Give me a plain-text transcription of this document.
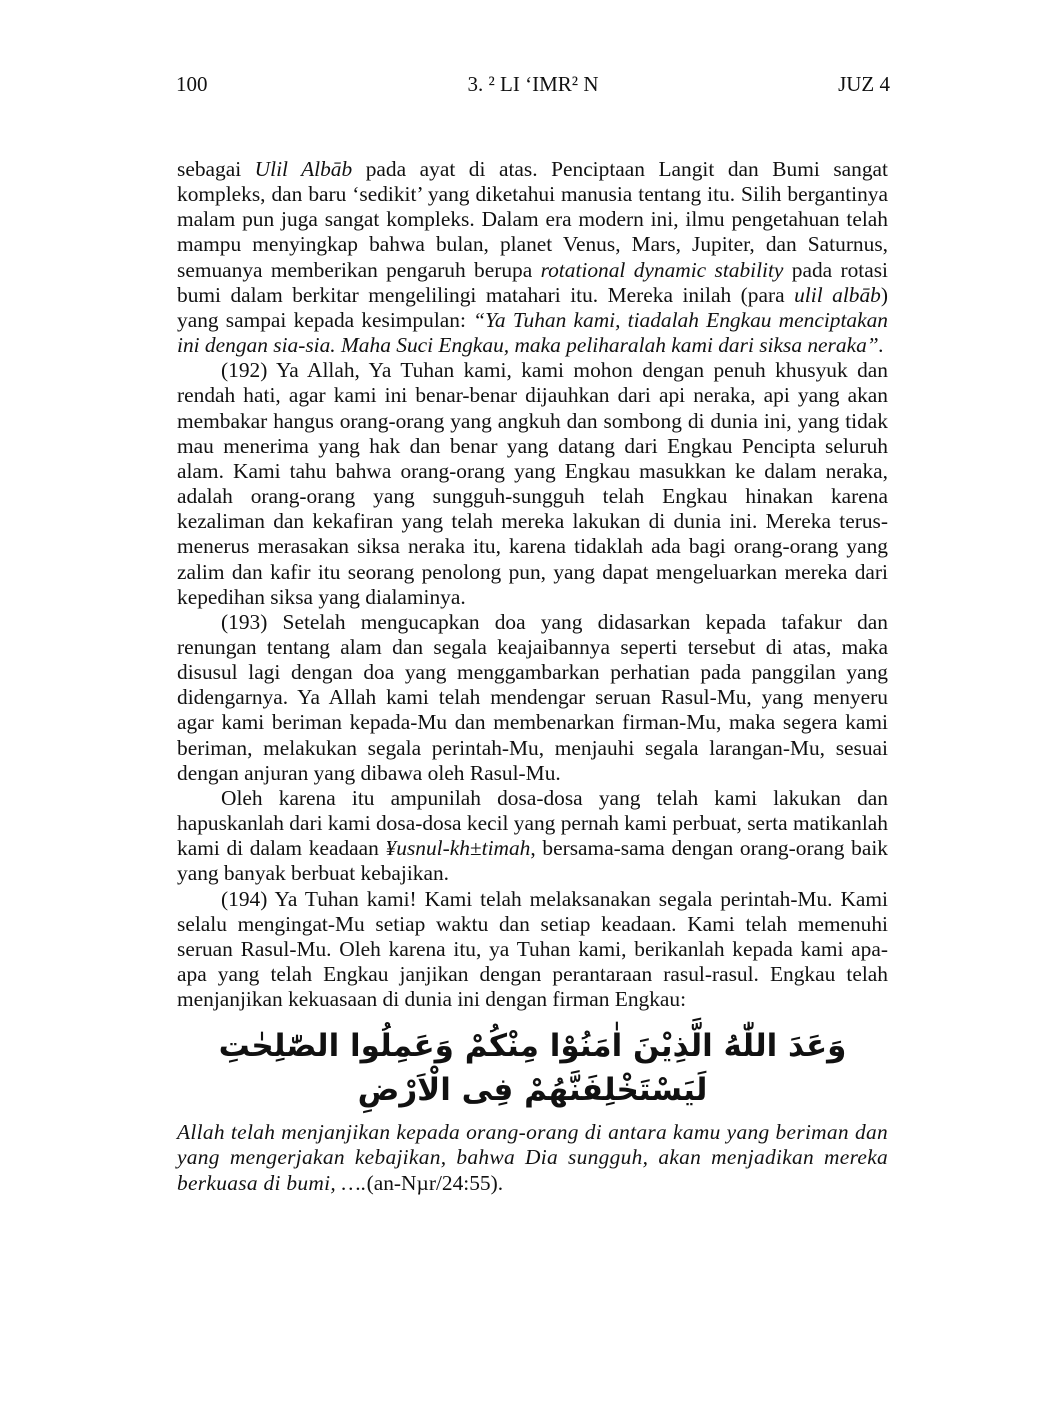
100	3. ² LI ‘IMR² N	JUZ 4

sebagai Ulil Albāb pada ayat di atas. Penciptaan Langit dan Bumi sangat kompleks, dan baru ‘sedikit’ yang diketahui manusia tentang itu. Silih bergantinya malam pun juga sangat kompleks. Dalam era modern ini, ilmu pengetahuan telah mampu menyingkap bahwa bulan, planet Venus, Mars, Jupiter, dan Saturnus, semuanya memberikan pengaruh berupa rotational dynamic stability pada rotasi bumi dalam berkitar mengelilingi matahari itu. Mereka inilah (para ulil albāb) yang sampai kepada kesimpulan: “Ya Tuhan kami, tiadalah Engkau menciptakan ini dengan sia-sia. Maha Suci Engkau, maka peliharalah kami dari siksa neraka”.

(192) Ya Allah, Ya Tuhan kami, kami mohon dengan penuh khusyuk dan rendah hati, agar kami ini benar-benar dijauhkan dari api neraka, api yang akan membakar hangus orang-orang yang angkuh dan sombong di dunia ini, yang tidak mau menerima yang hak dan benar yang datang dari Engkau Pencipta seluruh alam. Kami tahu bahwa orang-orang yang Engkau masukkan ke dalam neraka, adalah orang-orang yang sungguh-sungguh telah Engkau hinakan karena kezaliman dan kekafiran yang telah mereka lakukan di dunia ini. Mereka terus-menerus merasakan siksa neraka itu, karena tidaklah ada bagi orang-orang yang zalim dan kafir itu seorang penolong pun, yang dapat mengeluarkan mereka dari kepedihan siksa yang dialaminya.

(193) Setelah mengucapkan doa yang didasarkan kepada tafakur dan renungan tentang alam dan segala keajaibannya seperti tersebut di atas, maka disusul lagi dengan doa yang menggambarkan perhatian pada panggilan yang didengarnya. Ya Allah kami telah mendengar seruan Rasul-Mu, yang menyeru agar kami beriman kepada-Mu dan membenarkan firman-Mu, maka segera kami beriman, melakukan segala perintah-Mu, menjauhi segala larangan-Mu, sesuai dengan anjuran yang dibawa oleh Rasul-Mu.

Oleh karena itu ampunilah dosa-dosa yang telah kami lakukan dan hapuskanlah dari kami dosa-dosa kecil yang pernah kami perbuat, serta matikanlah kami di dalam keadaan ¥usnul-kh±timah, bersama-sama dengan orang-orang baik yang banyak berbuat kebajikan.

(194) Ya Tuhan kami! Kami telah melaksanakan segala perintah-Mu. Kami selalu mengingat-Mu setiap waktu dan setiap keadaan. Kami telah memenuhi seruan Rasul-Mu. Oleh karena itu, ya Tuhan kami, berikanlah kepada kami apa-apa yang telah Engkau janjikan dengan perantaraan rasul-rasul. Engkau telah menjanjikan kekuasaan di dunia ini dengan firman Engkau:

وَعَدَ اللّٰهُ الَّذِيْنَ اٰمَنُوْا مِنْكُمْ وَعَمِلُوا الصّٰلِحٰتِ لَيَسْتَخْلِفَنَّهُمْ فِى الْاَرْضِ

Allah telah menjanjikan kepada orang-orang di antara kamu yang beriman dan yang mengerjakan kebajikan, bahwa Dia sungguh, akan menjadikan mereka berkuasa di bumi, ….(an-Nµr/24:55).
